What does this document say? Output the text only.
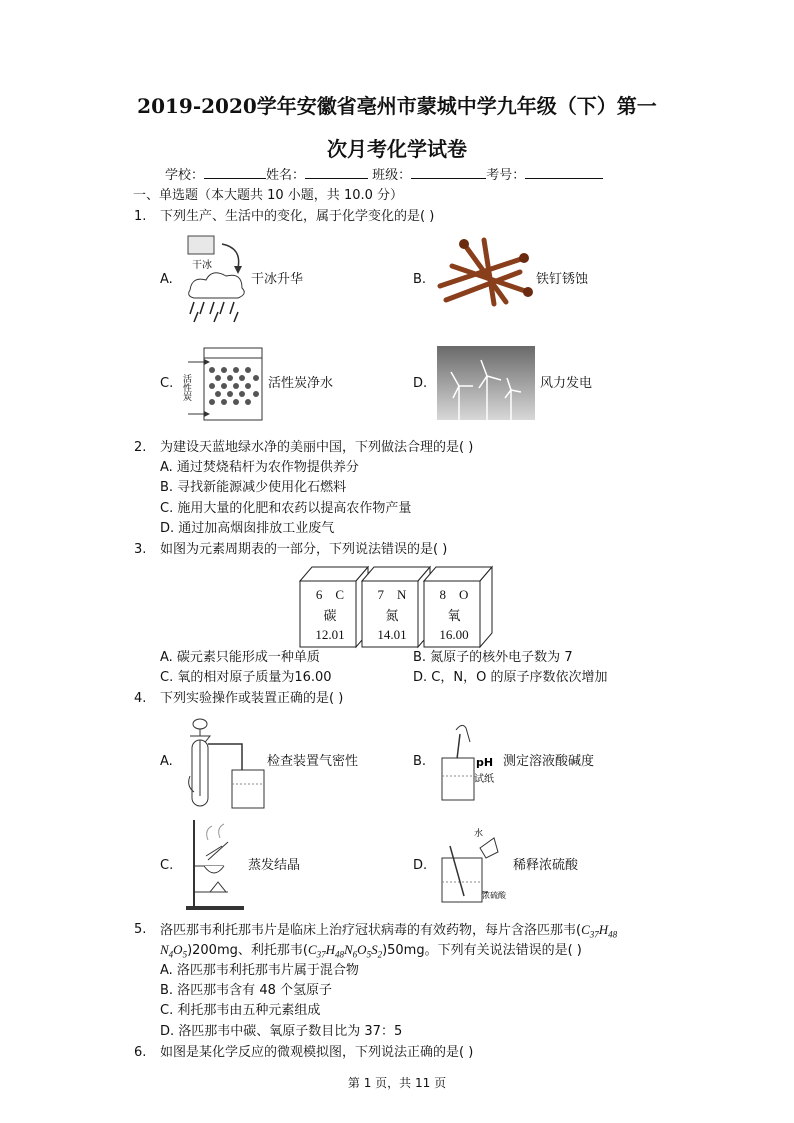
2019-2020学年安徽省亳州市蒙城中学九年级（下）第一
次月考化学试卷
学校：	姓名：	班级：	考号：
一、单选题（本大题共 10 小题，共 10.0 分）
1. 下列生产、生活中的变化，属于化学变化的是( )
A.
干冰
干冰升华	B.	铁钉锈蚀
C. 活性炭	活性炭净水	D.	风力发电
2. 为建设天蓝地绿水净的美丽中国，下列做法合理的是( )
A. 通过焚烧秸杆为农作物提供养分
B. 寻找新能源减少使用化石燃料
C. 施用大量的化肥和农药以提高农作物产量
D. 通过加高烟囱排放工业废气
3. 如图为元素周期表的一部分，下列说法错误的是( )
6 C
碳
12.01
7 N
氮
14.01
8 O
氧
16.00
A. 碳元素只能形成一种单质	B. 氮原子的核外电子数为 7
C. 氧的相对原子质量为16.00	D. C，N，O 的原子序数依次增加
4. 下列实验操作或装置正确的是( )
A.	检查装置气密性	B.	pH
试纸
测定溶液酸碱度
C.	蒸发结晶	D.
水
浓硫酸
稀释浓硫酸
5. 洛匹那韦利托那韦片是临床上治疗冠状病毒的有效药物，每片含洛匹那韦($C_{37}H_{48}$
$N_4O_5)200mg$、利托那韦$(C_{37}H_{48}N_6O_5S_2)50mg$。下列有关说法错误的是( )
A. 洛匹那韦利托那韦片属于混合物
B. 洛匹那韦含有 48 个氢原子
C. 利托那韦由五种元素组成
D. 洛匹那韦中碳、氧原子数目比为 37：5
6. 如图是某化学反应的微观模拟图，下列说法正确的是( )
第 1 页，共 11 页
